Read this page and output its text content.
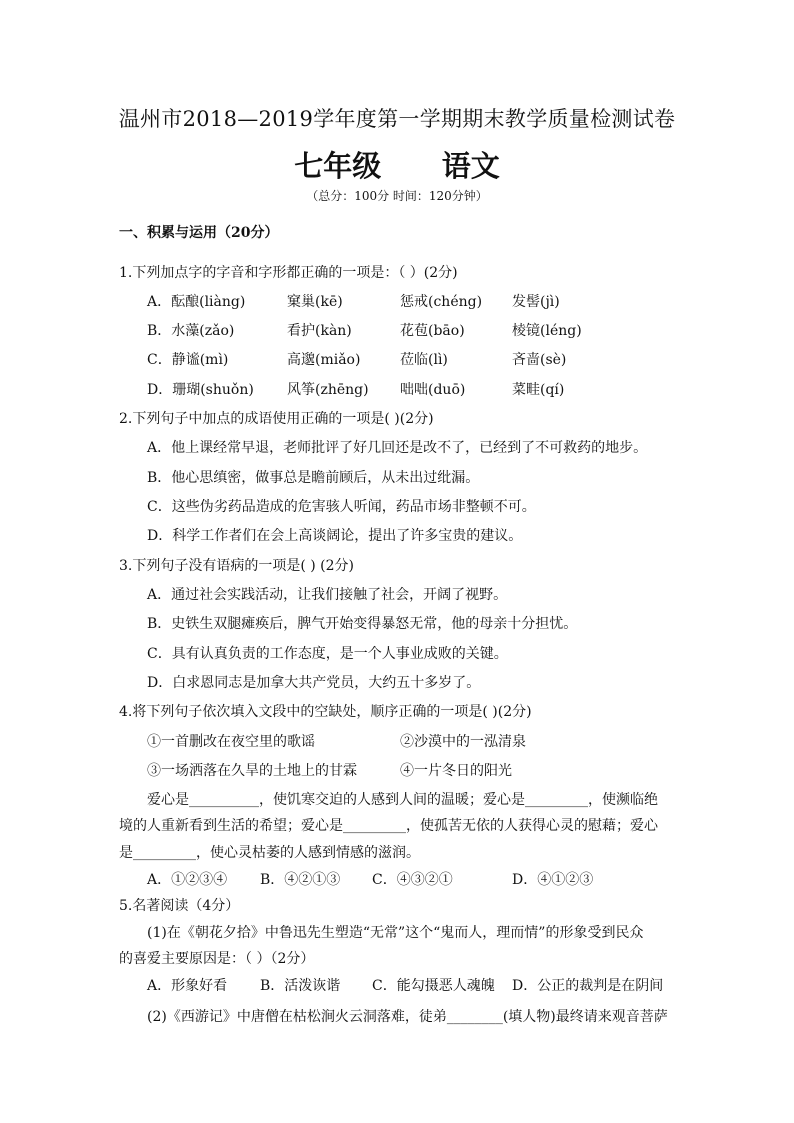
温州市2018—2019学年度第一学期期末教学质量检测试卷
七年级      语文
（总分：100分 时间：120分钟）
一、积累与运用（20分）
1.下列加点字的字音和字形都正确的一项是：（ ）(2分)
A．酝酿(liàng)	窠巢(kē)	惩戒(chéng) 发髻(jì)
B．水藻(zǎo)	看护(kàn)	花苞(bāo)	棱镜(léng)
C．静谧(mì)	高邈(miǎo)	莅临(lì)	吝啬(sè)
D．珊瑚(shuǒn) 风筝(zhēng) 咄咄(duō)	菜畦(qí)
2.下列句子中加点的成语使用正确的一项是( )(2分)
A．他上课经常早退，老师批评了好几回还是改不了，已经到了不可救药的地步。
B．他心思缜密，做事总是瞻前顾后，从未出过纰漏。
C．这些伪劣药品造成的危害骇人听闻，药品市场非整顿不可。
D．科学工作者们在会上高谈阔论，提出了许多宝贵的建议。
3.下列句子没有语病的一项是( ) (2分)
A．通过社会实践活动，让我们接触了社会，开阔了视野。
B．史铁生双腿瘫痪后，脾气开始变得暴怒无常，他的母亲十分担忧。
C．具有认真负责的工作态度，是一个人事业成败的关键。
D．白求恩同志是加拿大共产党员，大约五十多岁了。
4.将下列句子依次填入文段中的空缺处，顺序正确的一项是( )(2分)
①一首删改在夜空里的歌谣	②沙漠中的一泓清泉
③一场洒落在久旱的土地上的甘霖	④一片冬日的阳光
爱心是__________，使饥寒交迫的人感到人间的温暖；爱心是_________，使濒临绝
境的人重新看到生活的希望；爱心是_________，使孤苦无依的人获得心灵的慰藉；爱心
是_________，使心灵枯萎的人感到情感的滋润。
A．①②③④ B．④②①③ C．④③②①	D．④①②③
5.名著阅读（4分）
(1)在《朝花夕拾》中鲁迅先生塑造“无常”这个“鬼而人，理而情”的形象受到民众
的喜爱主要原因是：（ ）（2分）
A．形象好看 B．活泼诙谐 C．能勾摄恶人魂魄 D．公正的裁判是在阴间
(2)《西游记》中唐僧在枯松涧火云洞落难，徒弟________(填人物)最终请来观音菩萨
